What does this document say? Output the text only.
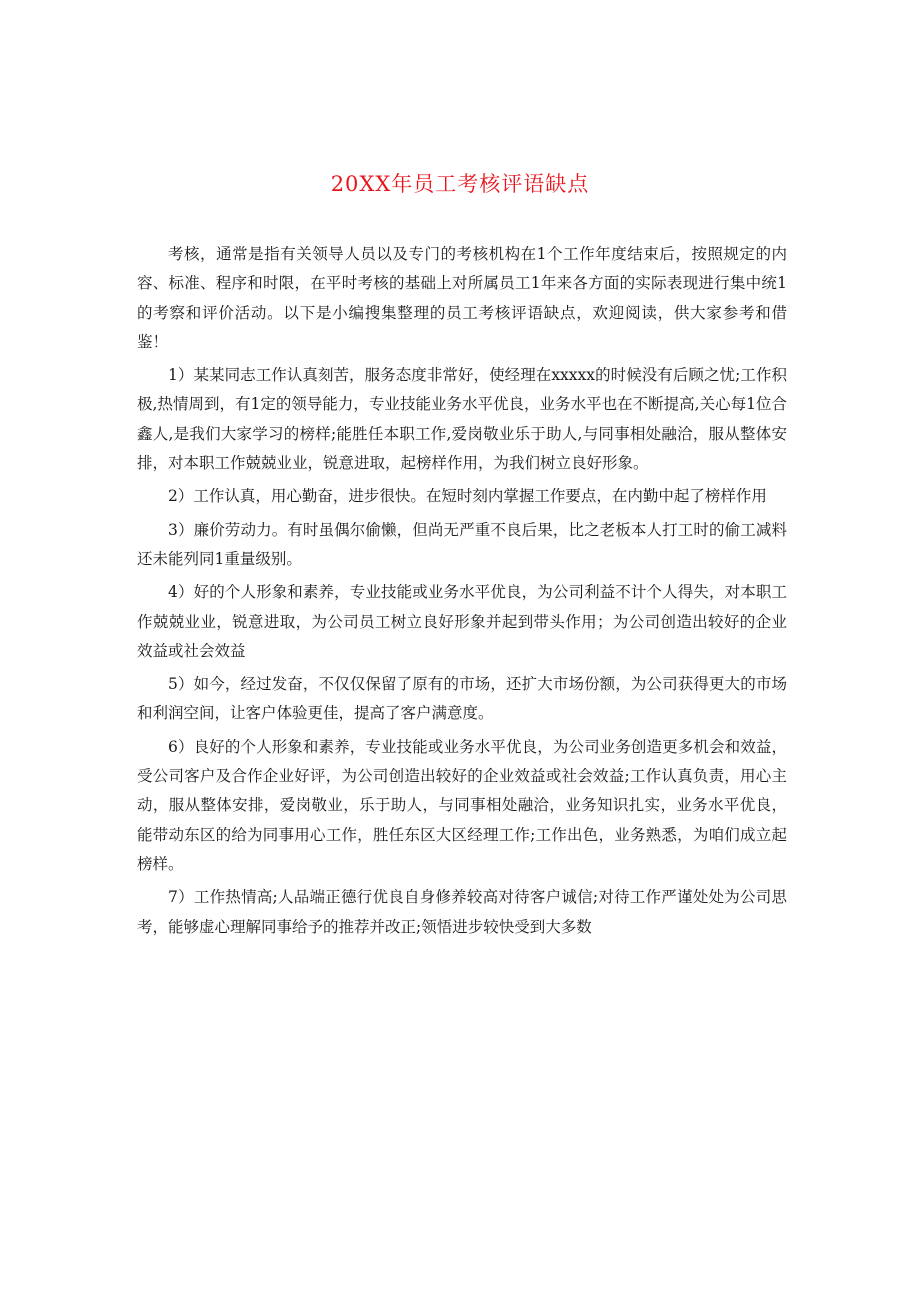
20XX年员工考核评语缺点

考核，通常是指有关领导人员以及专门的考核机构在1个工作年度结束后，按照规定的内容、标准、程序和时限，在平时考核的基础上对所属员工1年来各方面的实际表现进行集中统1的考察和评价活动。以下是小编搜集整理的员工考核评语缺点，欢迎阅读，供大家参考和借鉴！

1）某某同志工作认真刻苦，服务态度非常好，使经理在xxxxx的时候没有后顾之忧;工作积极,热情周到，有1定的领导能力，专业技能业务水平优良，业务水平也在不断提高,关心每1位合鑫人,是我们大家学习的榜样;能胜任本职工作,爱岗敬业乐于助人,与同事相处融洽，服从整体安排，对本职工作兢兢业业，锐意进取，起榜样作用，为我们树立良好形象。

2）工作认真，用心勤奋，进步很快。在短时刻内掌握工作要点，在内勤中起了榜样作用

3）廉价劳动力。有时虽偶尔偷懒，但尚无严重不良后果，比之老板本人打工时的偷工减料还未能列同1重量级别。

4）好的个人形象和素养，专业技能或业务水平优良，为公司利益不计个人得失，对本职工作兢兢业业，锐意进取，为公司员工树立良好形象并起到带头作用；为公司创造出较好的企业效益或社会效益

5）如今，经过发奋，不仅仅保留了原有的市场，还扩大市场份额，为公司获得更大的市场和利润空间，让客户体验更佳，提高了客户满意度。

6）良好的个人形象和素养，专业技能或业务水平优良，为公司业务创造更多机会和效益，受公司客户及合作企业好评，为公司创造出较好的企业效益或社会效益;工作认真负责，用心主动，服从整体安排，爱岗敬业，乐于助人，与同事相处融洽，业务知识扎实，业务水平优良，能带动东区的给为同事用心工作，胜任东区大区经理工作;工作出色，业务熟悉，为咱们成立起榜样。

7）工作热情高;人品端正德行优良自身修养较高对待客户诚信;对待工作严谨处处为公司思考，能够虚心理解同事给予的推荐并改正;领悟进步较快受到大多数
